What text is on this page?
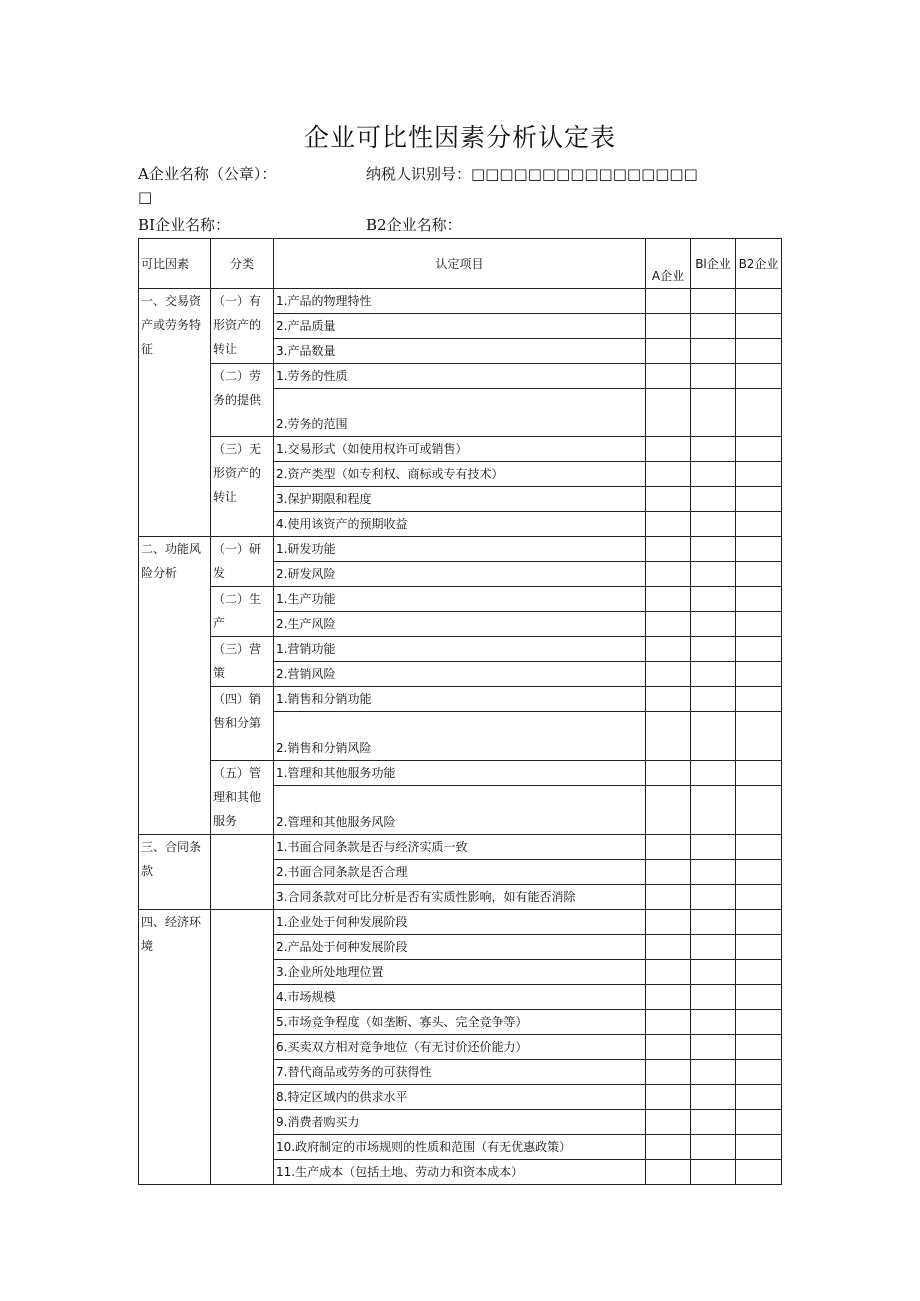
企业可比性因素分析认定表
A企业名称（公章）：	纳税人识别号：□□□□□□□□□□□□□□□□
□
BI企业名称：	B2企业名称：
可比因素	分类	认定项目	A企业	Bl企业	B2企业
一、交易资产或劳务特征	（一）有形资产的转让	1.产品的物理特性			
		2.产品质量			
		3.产品数量			
	（二）劳务的提供	1.劳务的性质			
		2.劳务的范围			
	（三）无形资产的转让	1.交易形式（如使用权许可或销售）			
		2.资产类型（如专利权、商标或专有技术）			
		3.保护期限和程度			
		4.使用该资产的预期收益			
二、功能风险分析	（一）研发	1.研发功能			
		2.研发风险			
	（二）生产	1.生产功能			
		2.生产风险			
	（三）营策	1.营销功能			
		2.营销风险			
	（四）销售和分第	1.销售和分销功能			
		2.销售和分销风险			
	（五）管理和其他服务	1.管理和其他服务功能			
		2.管理和其他服务风险			
三、合同条款		1.书面合同条款是否与经济实质一致			
		2.书面合同条款是否合理			
		3.合同条款对可比分析是否有实质性影响，如有能否消除			
四、经济环境		1.企业处于何种发展阶段			
		2.产品处于何种发展阶段			
		3.企业所处地理位置			
		4.市场规模			
		5.市场竞争程度（如垄断、寡头、完全竞争等）			
		6.买卖双方相对竞争地位（有无讨价还价能力）			
		7.替代商品或劳务的可获得性			
		8.特定区域内的供求水平			
		9.消费者购买力			
		10.政府制定的市场规则的性质和范围（有无优惠政策）			
		11.生产成本（包括土地、劳动力和资本成本）			
